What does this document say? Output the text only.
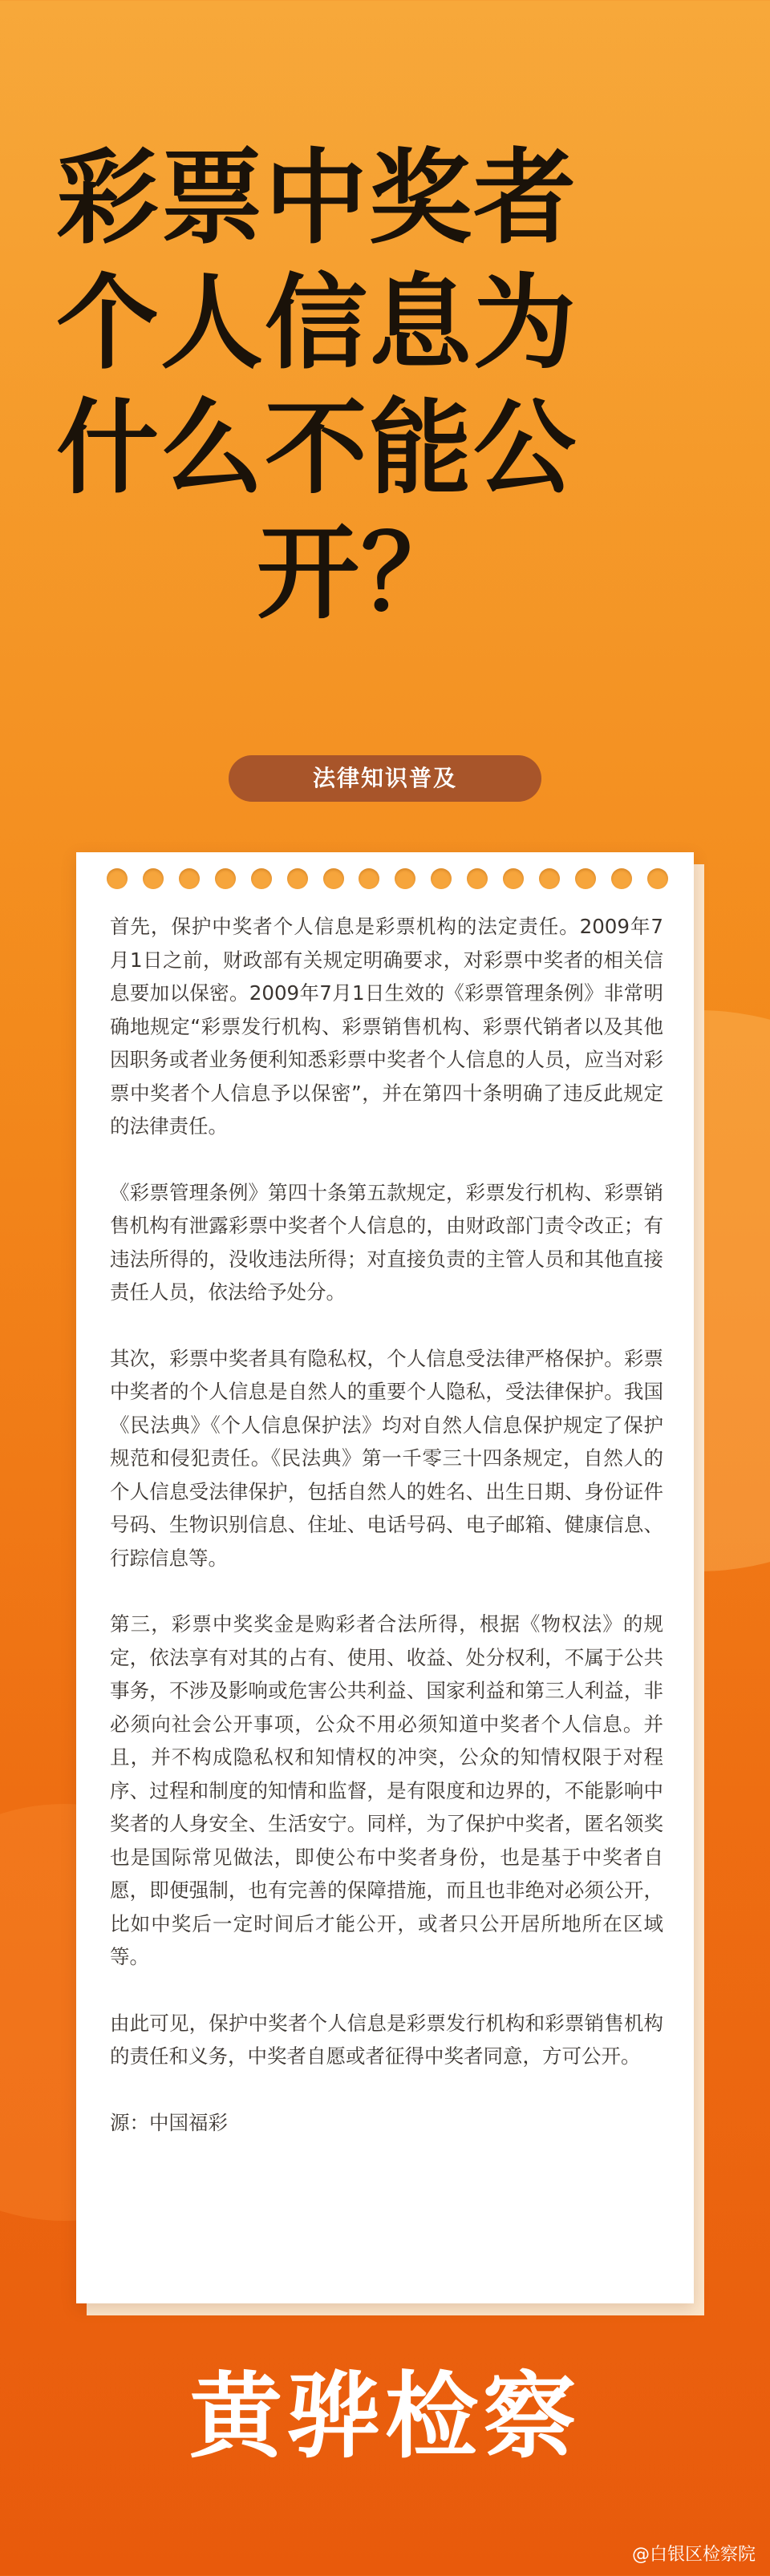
彩票中奖者
个人信息为
什么不能公
开？
法律知识普及

首先，保护中奖者个人信息是彩票机构的法定责任。2009年7月1日之前，财政部有关规定明确要求，对彩票中奖者的相关信息要加以保密。2009年7月1日生效的《彩票管理条例》非常明确地规定“彩票发行机构、彩票销售机构、彩票代销者以及其他因职务或者业务便利知悉彩票中奖者个人信息的人员，应当对彩票中奖者个人信息予以保密”，并在第四十条明确了违反此规定的法律责任。

《彩票管理条例》第四十条第五款规定，彩票发行机构、彩票销售机构有泄露彩票中奖者个人信息的，由财政部门责令改正；有违法所得的，没收违法所得；对直接负责的主管人员和其他直接责任人员，依法给予处分。

其次，彩票中奖者具有隐私权，个人信息受法律严格保护。彩票中奖者的个人信息是自然人的重要个人隐私，受法律保护。我国《民法典》《个人信息保护法》均对自然人信息保护规定了保护规范和侵犯责任。《民法典》第一千零三十四条规定，自然人的个人信息受法律保护，包括自然人的姓名、出生日期、身份证件号码、生物识别信息、住址、电话号码、电子邮箱、健康信息、行踪信息等。

第三，彩票中奖奖金是购彩者合法所得，根据《物权法》的规定，依法享有对其的占有、使用、收益、处分权利，不属于公共事务，不涉及影响或危害公共利益、国家利益和第三人利益，非必须向社会公开事项，公众不用必须知道中奖者个人信息。并且，并不构成隐私权和知情权的冲突，公众的知情权限于对程序、过程和制度的知情和监督，是有限度和边界的，不能影响中奖者的人身安全、生活安宁。同样，为了保护中奖者，匿名领奖也是国际常见做法，即使公布中奖者身份，也是基于中奖者自愿，即便强制，也有完善的保障措施，而且也非绝对必须公开，比如中奖后一定时间后才能公开，或者只公开居所地所在区域等。

由此可见，保护中奖者个人信息是彩票发行机构和彩票销售机构的责任和义务，中奖者自愿或者征得中奖者同意，方可公开。

源：中国福彩

黄骅检察
@白银区检察院
